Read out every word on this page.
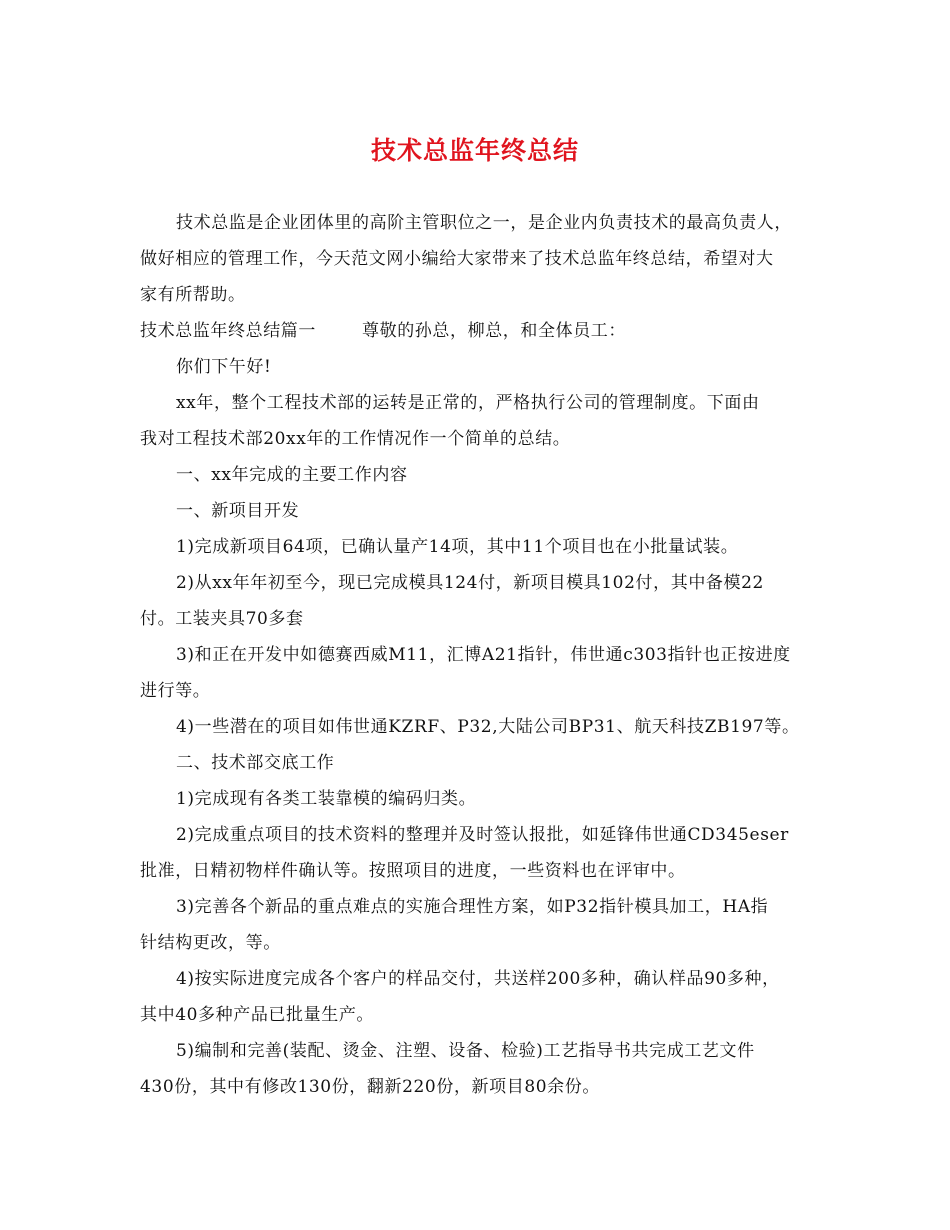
技术总监年终总结

技术总监是企业团体里的高阶主管职位之一，是企业内负责技术的最高负责人，

做好相应的管理工作，今天范文网小编给大家带来了技术总监年终总结，希望对大

家有所帮助。

技术总监年终总结篇一	尊敬的孙总，柳总，和全体员工：

你们下午好!

xx年，整个工程技术部的运转是正常的，严格执行公司的管理制度。下面由

我对工程技术部20xx年的工作情况作一个简单的总结。

一、xx年完成的主要工作内容

一、新项目开发

1)完成新项目64项，已确认量产14项，其中11个项目也在小批量试装。

2)从xx年年初至今，现已完成模具124付，新项目模具102付，其中备模22

付。工装夹具70多套

3)和正在开发中如德赛西威M11，汇博A21指针，伟世通c303指针也正按进度

进行等。

4)一些潜在的项目如伟世通KZRF、P32,大陆公司BP31、航天科技ZB197等。

二、技术部交底工作

1)完成现有各类工装靠模的编码归类。

2)完成重点项目的技术资料的整理并及时签认报批，如延锋伟世通CD345eser

批准，日精初物样件确认等。按照项目的进度，一些资料也在评审中。

3)完善各个新品的重点难点的实施合理性方案，如P32指针模具加工，HA指

针结构更改，等。

4)按实际进度完成各个客户的样品交付，共送样200多种，确认样品90多种，

其中40多种产品已批量生产。

5)编制和完善(装配、烫金、注塑、设备、检验)工艺指导书共完成工艺文件

430份，其中有修改130份，翻新220份，新项目80余份。
